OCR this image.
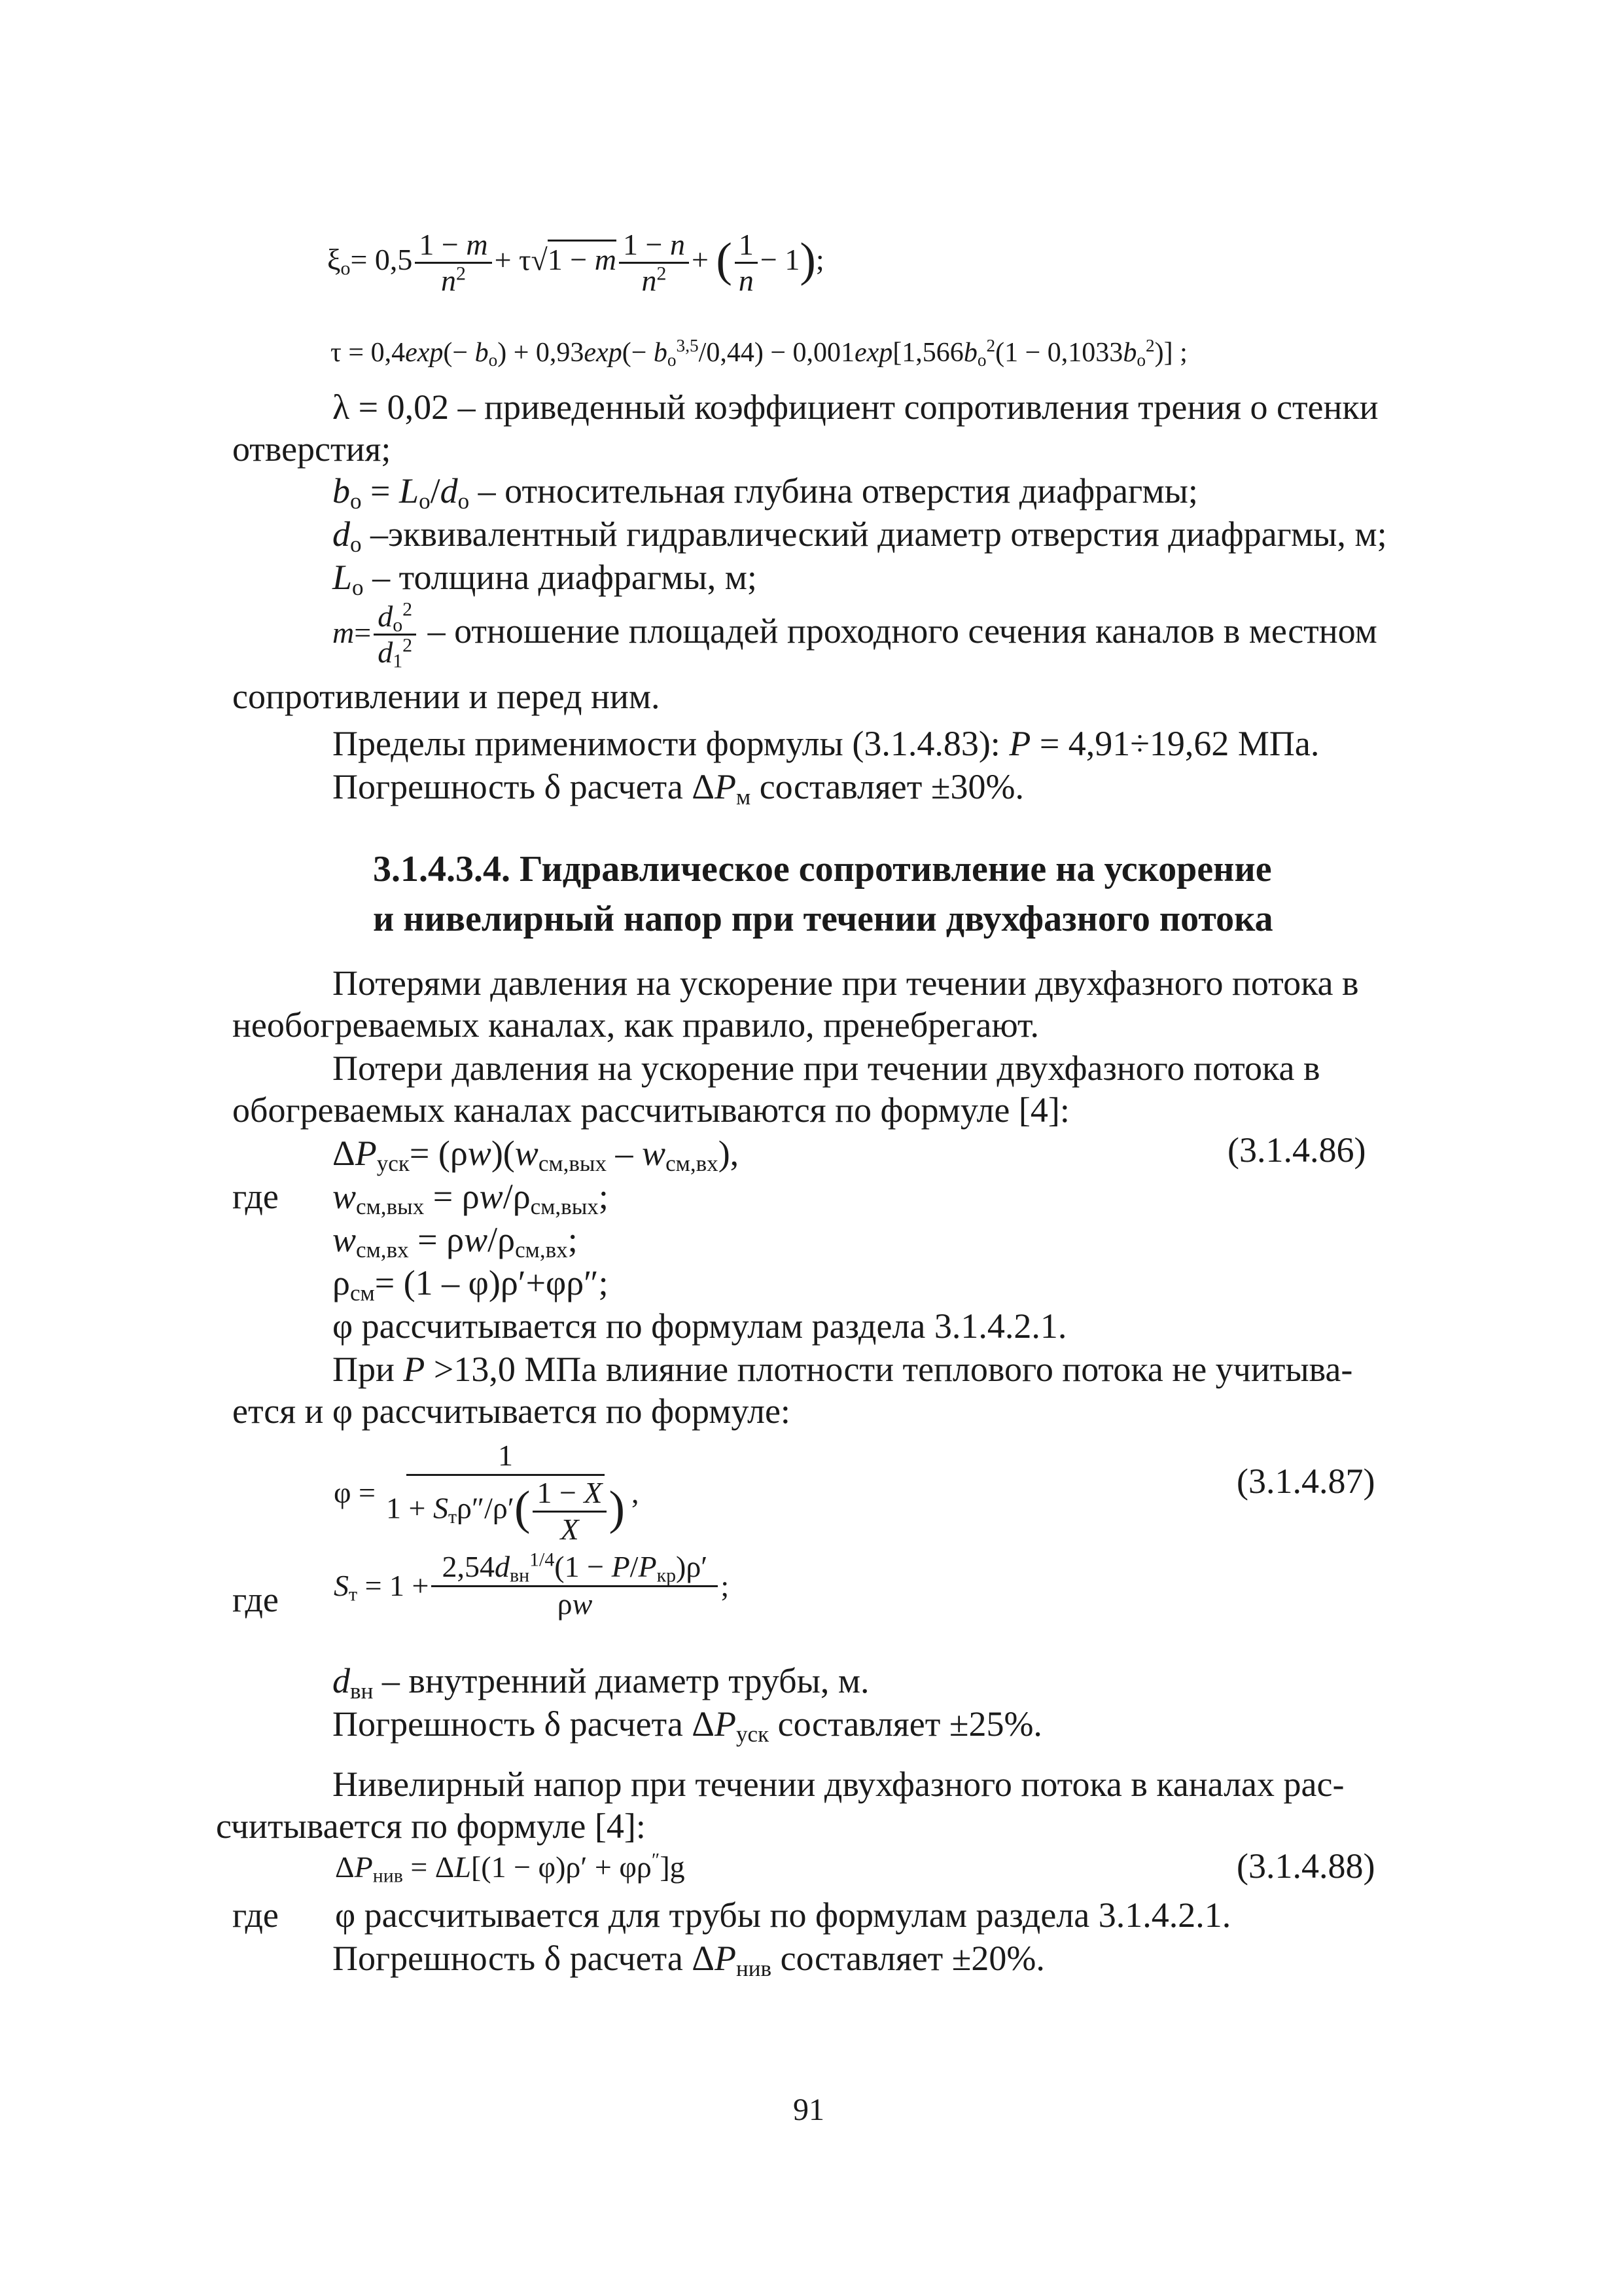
$\xi_о= 0,5 \frac{1 - m}{n^2} + \tau√1 - m \frac{1 - n}{n^2}$ + ( $\frac{1}{n} - 1$);
$\tau = 0,4\exp(- b_о) + 0,93\exp(- b_о^{3,5}/0,44) - 0,001\exp[1,566b_о^2(1 - 0,1033b_о^2)]$ ;
λ = 0,02 – приведенный коэффициент сопротивления трения о стенки
отверстия;
$b_о = L_о/d_о$ – относительная глубина отверстия диафрагмы;
$d_о$ –эквивалентный гидравлический диаметр отверстия диафрагмы, м;
$L_о$ – толщина диафрагмы, м;
$m= \frac{d_о^2}{d_1^2}$ – отношение площадей проходного сечения каналов в местном
сопротивлении и перед ним.
Пределы применимости формулы (3.1.4.83): P = 4,91÷19,62 МПа.
Погрешность δ расчета $\Delta P_м$ составляет ±30%.
3.1.4.3.4. Гидравлическое сопротивление на ускорение
и нивелирный напор при течении двухфазного потока
Потерями давления на ускорение при течении двухфазного потока в
необогреваемых каналах, как правило, пренебрегают.
Потери давления на ускорение при течении двухфазного потока в
обогреваемых каналах рассчитываются по формуле [4]:
$\Delta P_{уск}= (\rho w)(w_{см,вых} - w_{см,вх})$,	(3.1.4.86)
где $w_{см,вых} = \rho w/\rho_{см,вых}$;
$w_{см,вх} = \rho w/\rho_{см,вх}$;
$\rho_{см}= (1 - \varphi)\rho'+\varphi\rho''$;
φ рассчитывается по формулам раздела 3.1.4.2.1.
При P >13,0 МПа влияние плотности теплового потока не учитыва-
ется и φ рассчитывается по формуле:
$\varphi = \frac{1}{1 + S_т\rho''/\rho'( \frac{1 - X}{X} )}$ ,	(3.1.4.87)
где $S_т = 1 + \frac{2,54d_{вн}^{1/4}(1 - P/P_{кр})\rho'}{\rho w}$ ;
$d_{вн}$ – внутренний диаметр трубы, м.
Погрешность δ расчета $\Delta P_{уск}$ составляет ±25%.
Нивелирный напор при течении двухфазного потока в каналах рас-
считывается по формуле [4]:
$\Delta P_{нив} = \Delta L[(1 - \varphi)\rho' + \varphi\rho'']g$	(3.1.4.88)
где φ рассчитывается для трубы по формулам раздела 3.1.4.2.1.
Погрешность δ расчета $\Delta P_{нив}$ составляет ±20%.
91
